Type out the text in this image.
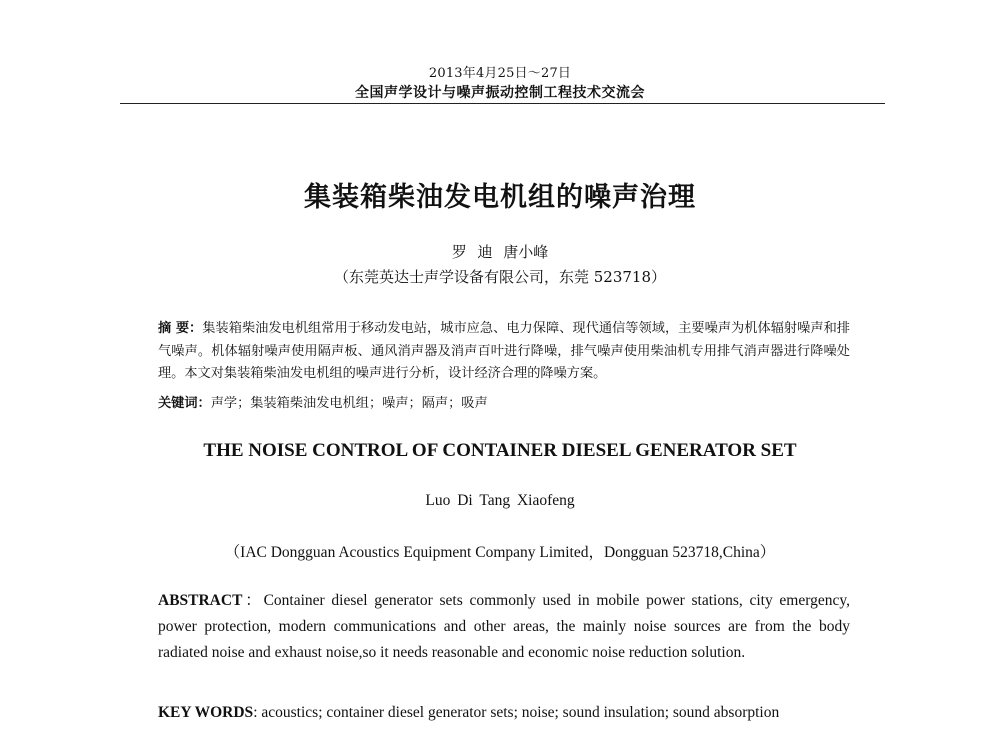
2013年4月25日～27日
全国声学设计与噪声振动控制工程技术交流会
集装箱柴油发电机组的噪声治理
罗 迪 唐小峰
（东莞英达士声学设备有限公司，东莞 523718）
摘 要：集装箱柴油发电机组常用于移动发电站，城市应急、电力保障、现代通信等领域，主要噪声为机体辐射噪声和排气噪声。机体辐射噪声使用隔声板、通风消声器及消声百叶进行降噪，排气噪声使用柴油机专用排气消声器进行降噪处理。本文对集装箱柴油发电机组的噪声进行分析，设计经济合理的降噪方案。
关键词：声学；集装箱柴油发电机组；噪声；隔声；吸声
THE NOISE CONTROL OF CONTAINER DIESEL GENERATOR SET
Luo Di Tang Xiaofeng
（IAC Dongguan Acoustics Equipment Company Limited，Dongguan 523718,China）
ABSTRACT：Container diesel generator sets commonly used in mobile power stations, city emergency, power protection, modern communications and other areas, the mainly noise sources are from the body radiated noise and exhaust noise,so it needs reasonable and economic noise reduction solution.
KEY WORDS: acoustics; container diesel generator sets; noise; sound insulation; sound absorption
